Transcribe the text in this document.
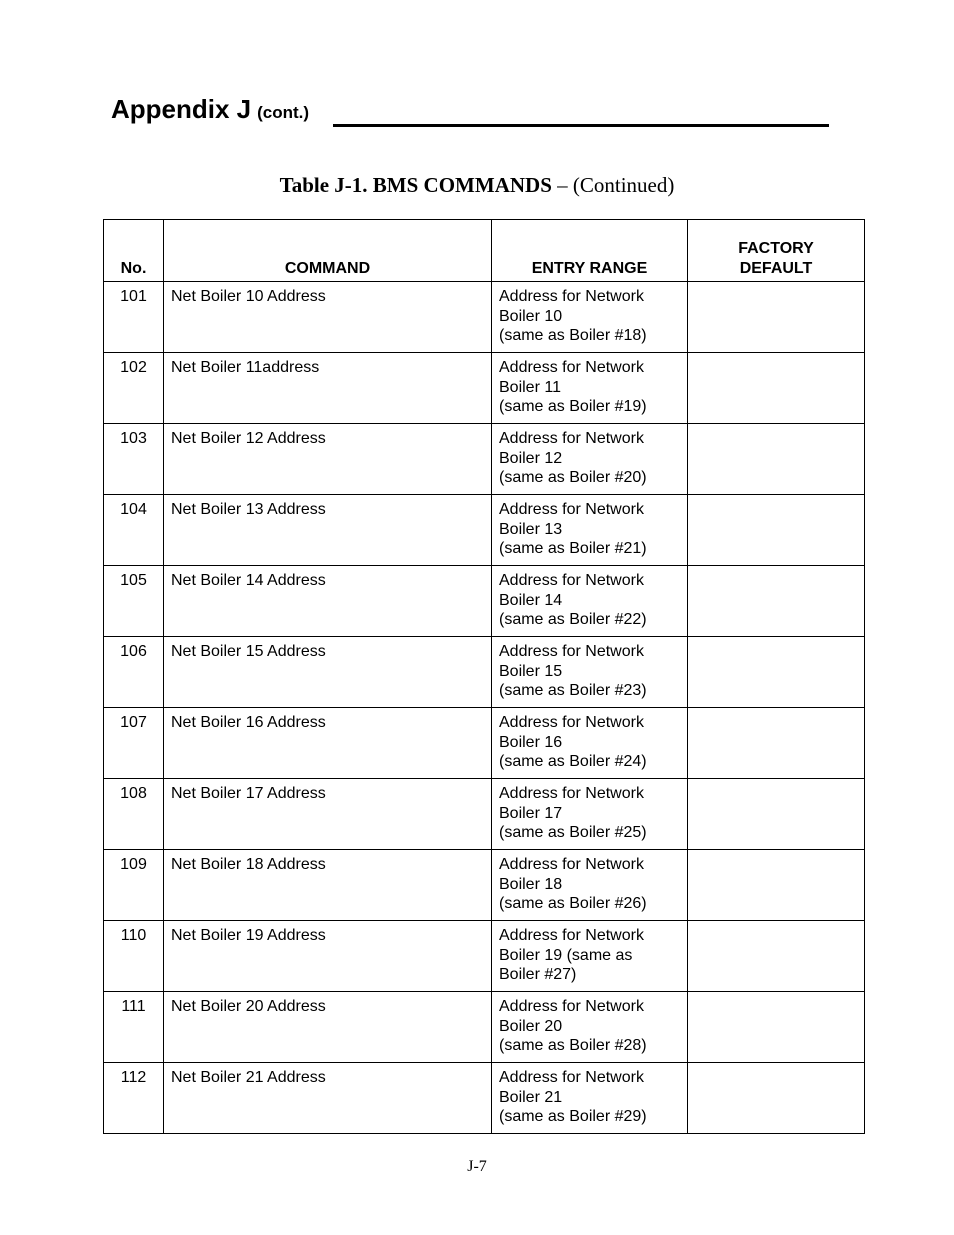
Appendix J (cont.)
Table J-1. BMS COMMANDS – (Continued)
No.	COMMAND	ENTRY RANGE	FACTORY
DEFAULT
101	Net Boiler 10 Address	Address for Network
Boiler 10
(same as Boiler #18)	
102	Net Boiler 11address	Address for Network
Boiler 11
(same as Boiler #19)	
103	Net Boiler 12 Address	Address for Network
Boiler 12
(same as Boiler #20)	
104	Net Boiler 13 Address	Address for Network
Boiler 13
(same as Boiler #21)	
105	Net Boiler 14 Address	Address for Network
Boiler 14
(same as Boiler #22)	
106	Net Boiler 15 Address	Address for Network
Boiler 15
(same as Boiler #23)	
107	Net Boiler 16 Address	Address for Network
Boiler 16
(same as Boiler #24)	
108	Net Boiler 17 Address	Address for Network
Boiler 17
(same as Boiler #25)	
109	Net Boiler 18 Address	Address for Network
Boiler 18
(same as Boiler #26)	
110	Net Boiler 19 Address	Address for Network
Boiler 19 (same as
Boiler #27)	
111	Net Boiler 20 Address	Address for Network
Boiler 20
(same as Boiler #28)	
112	Net Boiler 21 Address	Address for Network
Boiler 21
(same as Boiler #29)	
J-7
